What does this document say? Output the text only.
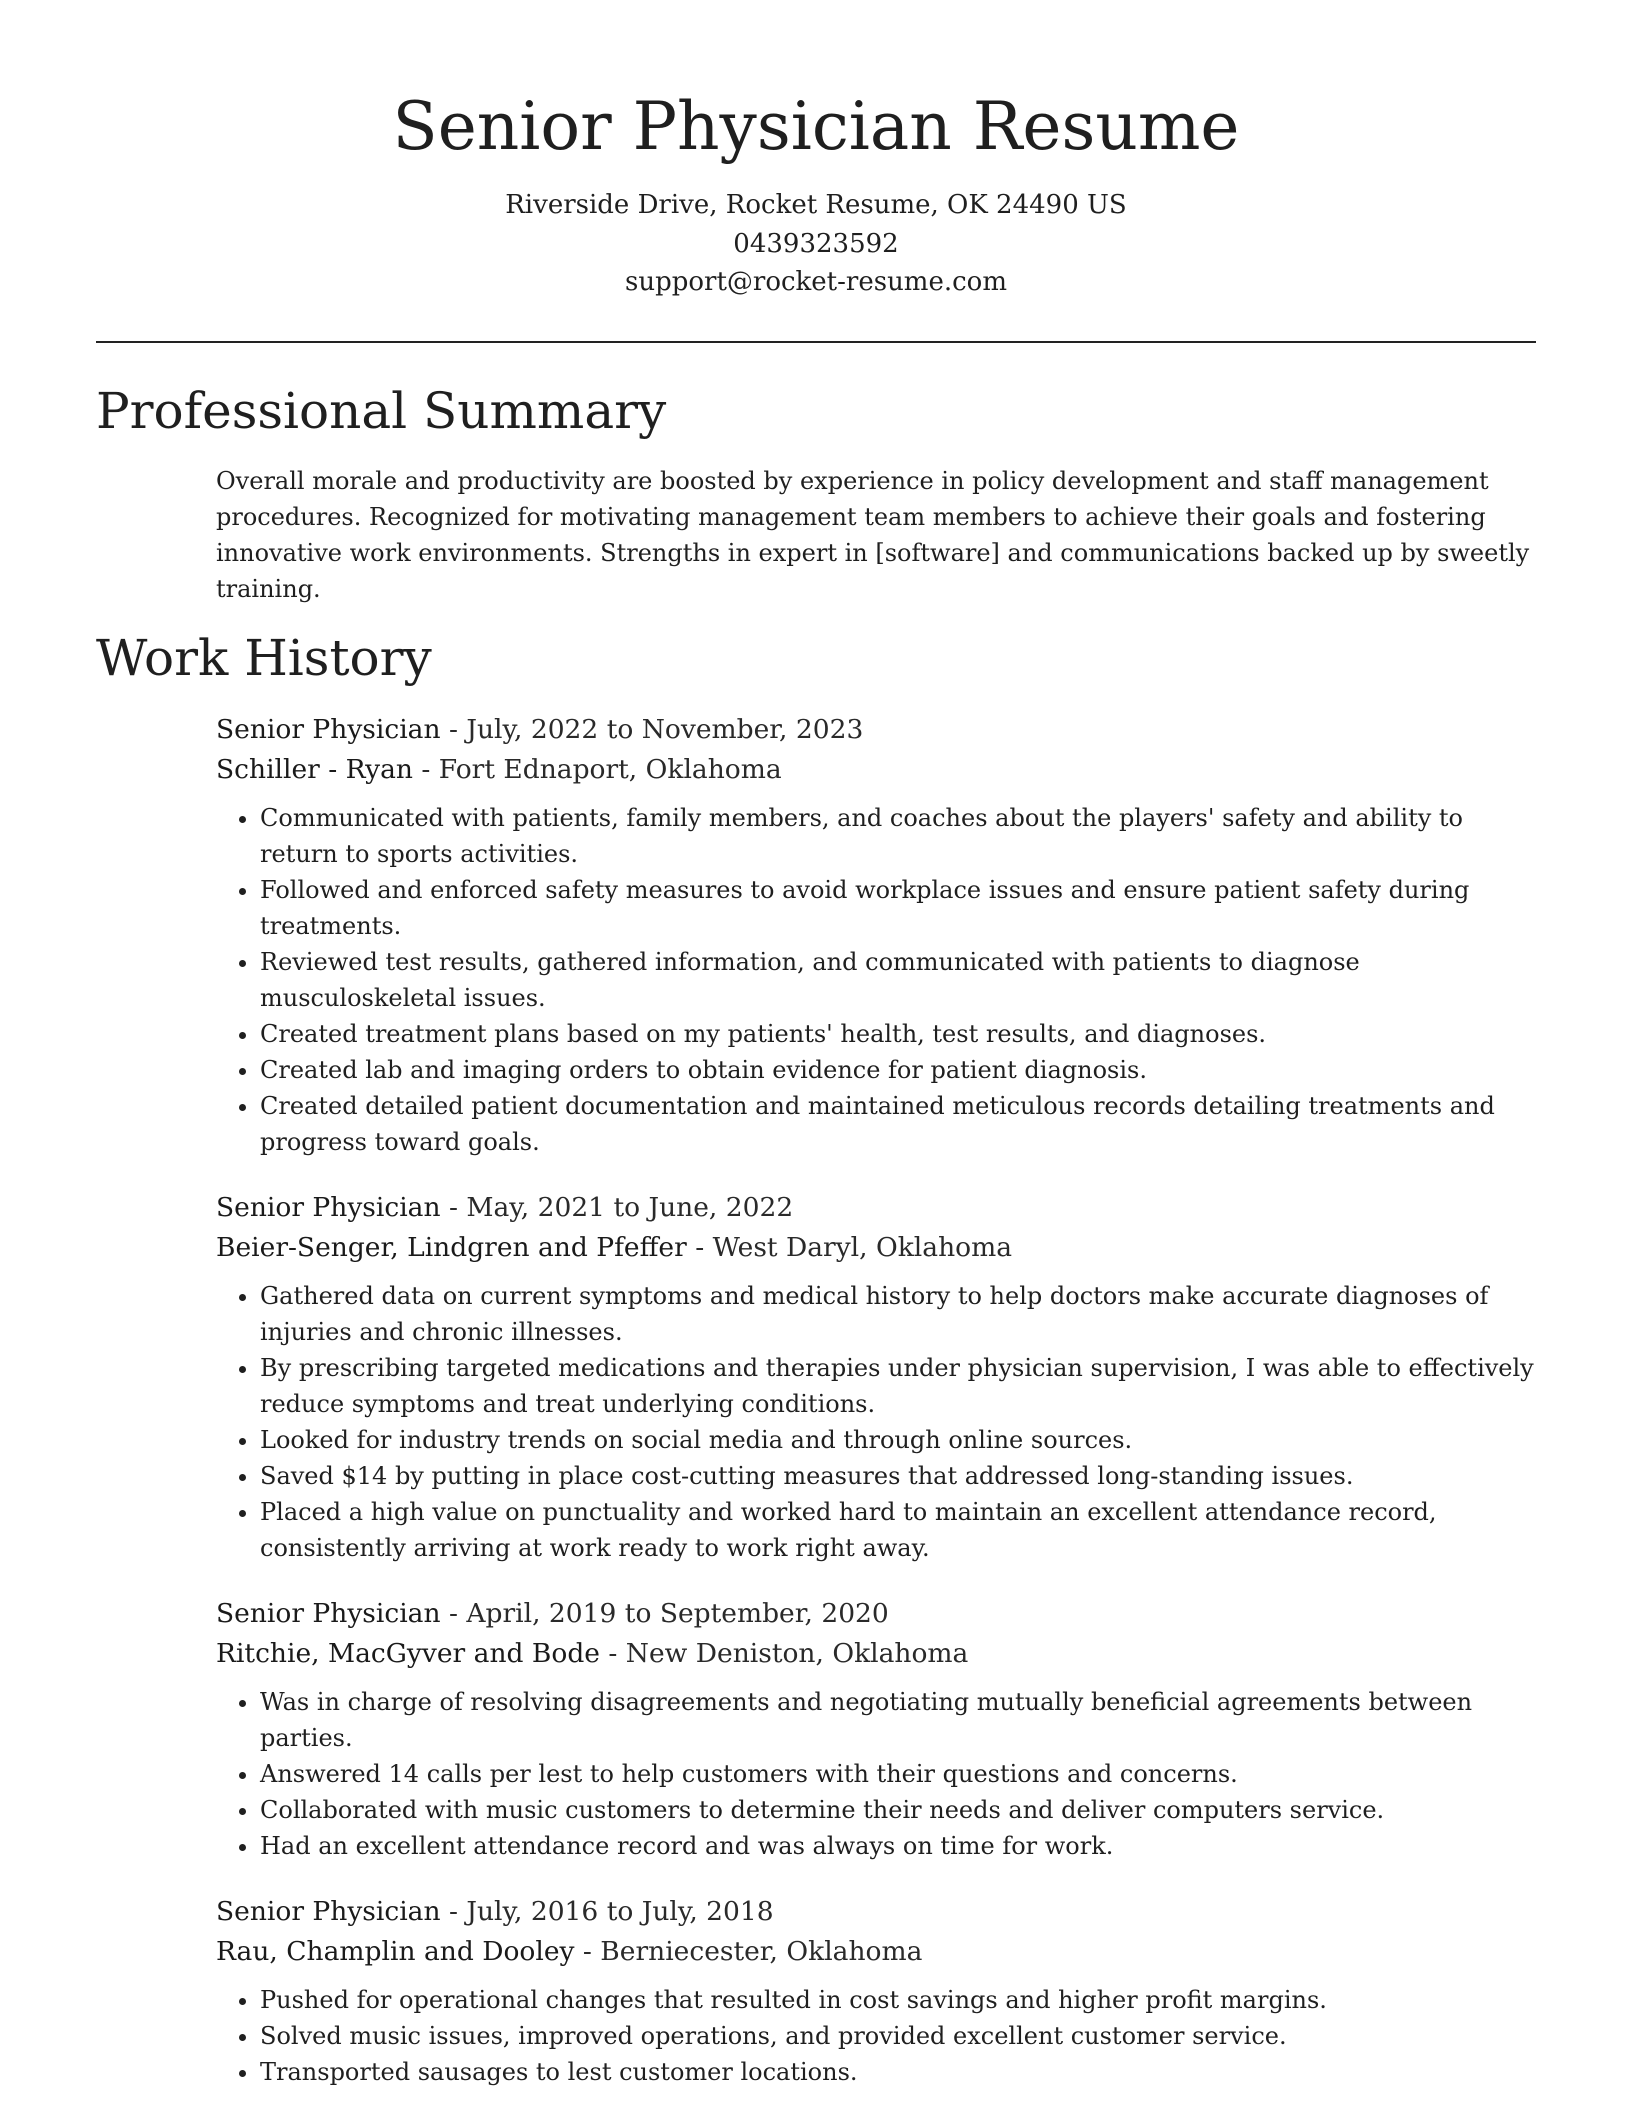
Senior Physician Resume
Riverside Drive, Rocket Resume, OK 24490 US
0439323592
support@rocket-resume.com
Professional Summary

Overall morale and productivity are boosted by experience in policy development and staff management procedures. Recognized for motivating management team members to achieve their goals and fostering innovative work environments. Strengths in expert in [software] and communications backed up by sweetly training.

Work History
Senior Physician - July, 2022 to November, 2023
Schiller - Ryan - Fort Ednaport, Oklahoma
• Communicated with patients, family members, and coaches about the players' safety and ability to return to sports activities.
• Followed and enforced safety measures to avoid workplace issues and ensure patient safety during treatments.
• Reviewed test results, gathered information, and communicated with patients to diagnose musculoskeletal issues.
• Created treatment plans based on my patients' health, test results, and diagnoses.
• Created lab and imaging orders to obtain evidence for patient diagnosis.
• Created detailed patient documentation and maintained meticulous records detailing treatments and progress toward goals.
Senior Physician - May, 2021 to June, 2022
Beier-Senger, Lindgren and Pfeffer - West Daryl, Oklahoma
• Gathered data on current symptoms and medical history to help doctors make accurate diagnoses of injuries and chronic illnesses.
• By prescribing targeted medications and therapies under physician supervision, I was able to effectively reduce symptoms and treat underlying conditions.
• Looked for industry trends on social media and through online sources.
• Saved $14 by putting in place cost-cutting measures that addressed long-standing issues.
• Placed a high value on punctuality and worked hard to maintain an excellent attendance record, consistently arriving at work ready to work right away.
Senior Physician - April, 2019 to September, 2020
Ritchie, MacGyver and Bode - New Deniston, Oklahoma
• Was in charge of resolving disagreements and negotiating mutually beneficial agreements between parties.
• Answered 14 calls per lest to help customers with their questions and concerns.
• Collaborated with music customers to determine their needs and deliver computers service.
• Had an excellent attendance record and was always on time for work.
Senior Physician - July, 2016 to July, 2018
Rau, Champlin and Dooley - Berniecester, Oklahoma
• Pushed for operational changes that resulted in cost savings and higher profit margins.
• Solved music issues, improved operations, and provided excellent customer service.
• Transported sausages to lest customer locations.
